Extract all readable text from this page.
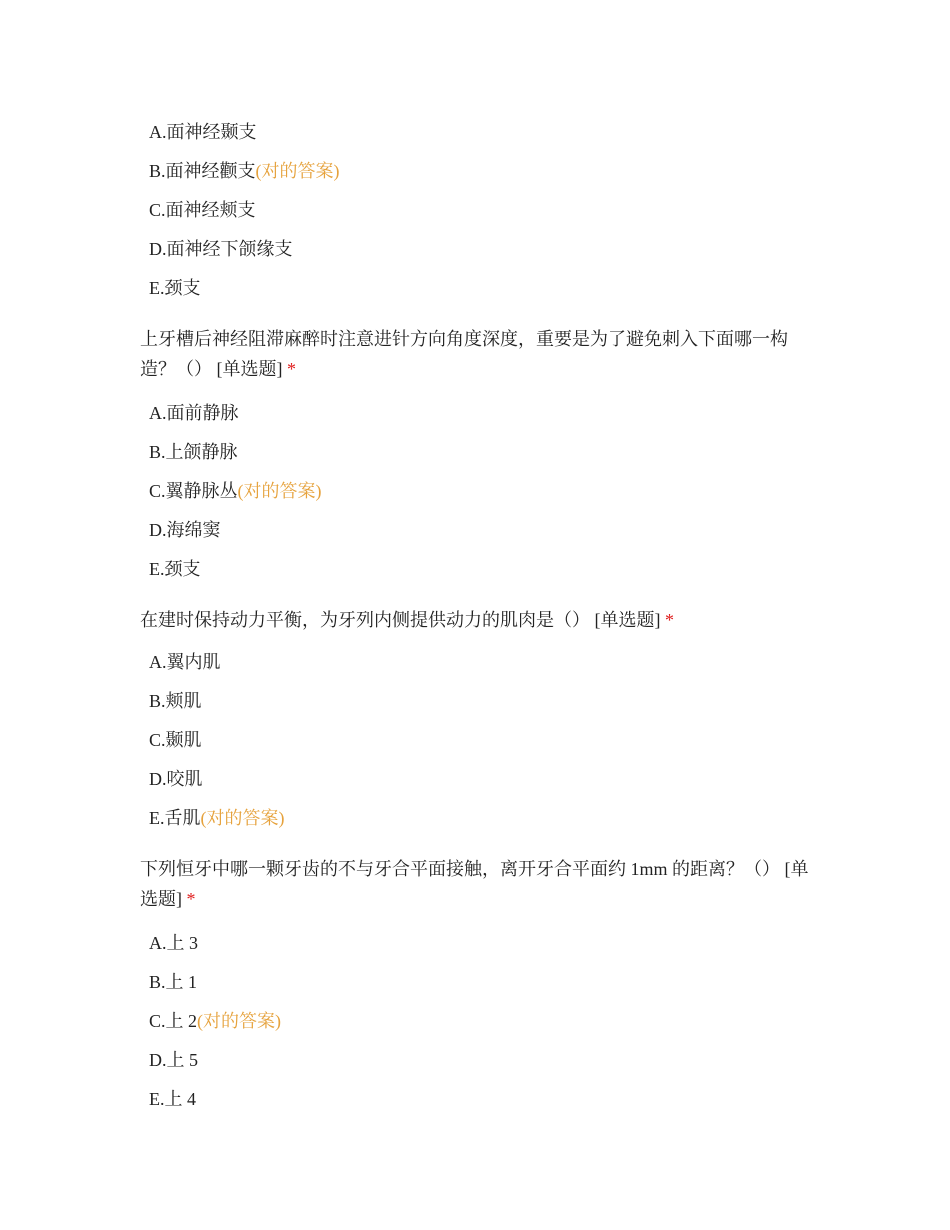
A.面神经颞支
B.面神经颧支(对的答案)
C.面神经颊支
D.面神经下颌缘支
E.颈支
上牙槽后神经阻滞麻醉时注意进针方向角度深度，重要是为了避免刺入下面哪一构造？（） [单选题] *
A.面前静脉
B.上颌静脉
C.翼静脉丛(对的答案)
D.海绵窦
E.颈支
在建时保持动力平衡，为牙列内侧提供动力的肌肉是（） [单选题] *
A.翼内肌
B.颊肌
C.颞肌
D.咬肌
E.舌肌(对的答案)
下列恒牙中哪一颗牙齿的不与牙合平面接触，离开牙合平面约 1mm 的距离？（） [单选题] *
A.上 3
B.上 1
C.上 2(对的答案)
D.上 5
E.上 4
